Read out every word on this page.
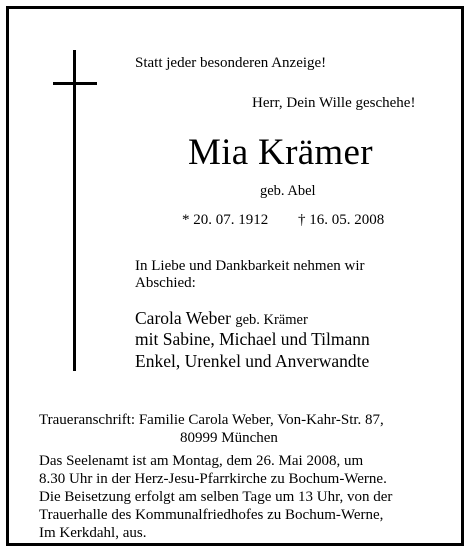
Statt jeder besonderen Anzeige!
Herr, Dein Wille geschehe!
Mia Krämer
geb. Abel
* 20. 07. 1912 † 16. 05. 2008
In Liebe und Dankbarkeit nehmen wir
Abschied:
Carola Weber geb. Krämer
mit Sabine, Michael und Tilmann
Enkel, Urenkel und Anverwandte
Traueranschrift: Familie Carola Weber, Von-Kahr-Str. 87,
80999 München
Das Seelenamt ist am Montag, dem 26. Mai 2008, um
8.30 Uhr in der Herz-Jesu-Pfarrkirche zu Bochum-Werne.
Die Beisetzung erfolgt am selben Tage um 13 Uhr, von der
Trauerhalle des Kommunalfriedhofes zu Bochum-Werne,
Im Kerkdahl, aus.
